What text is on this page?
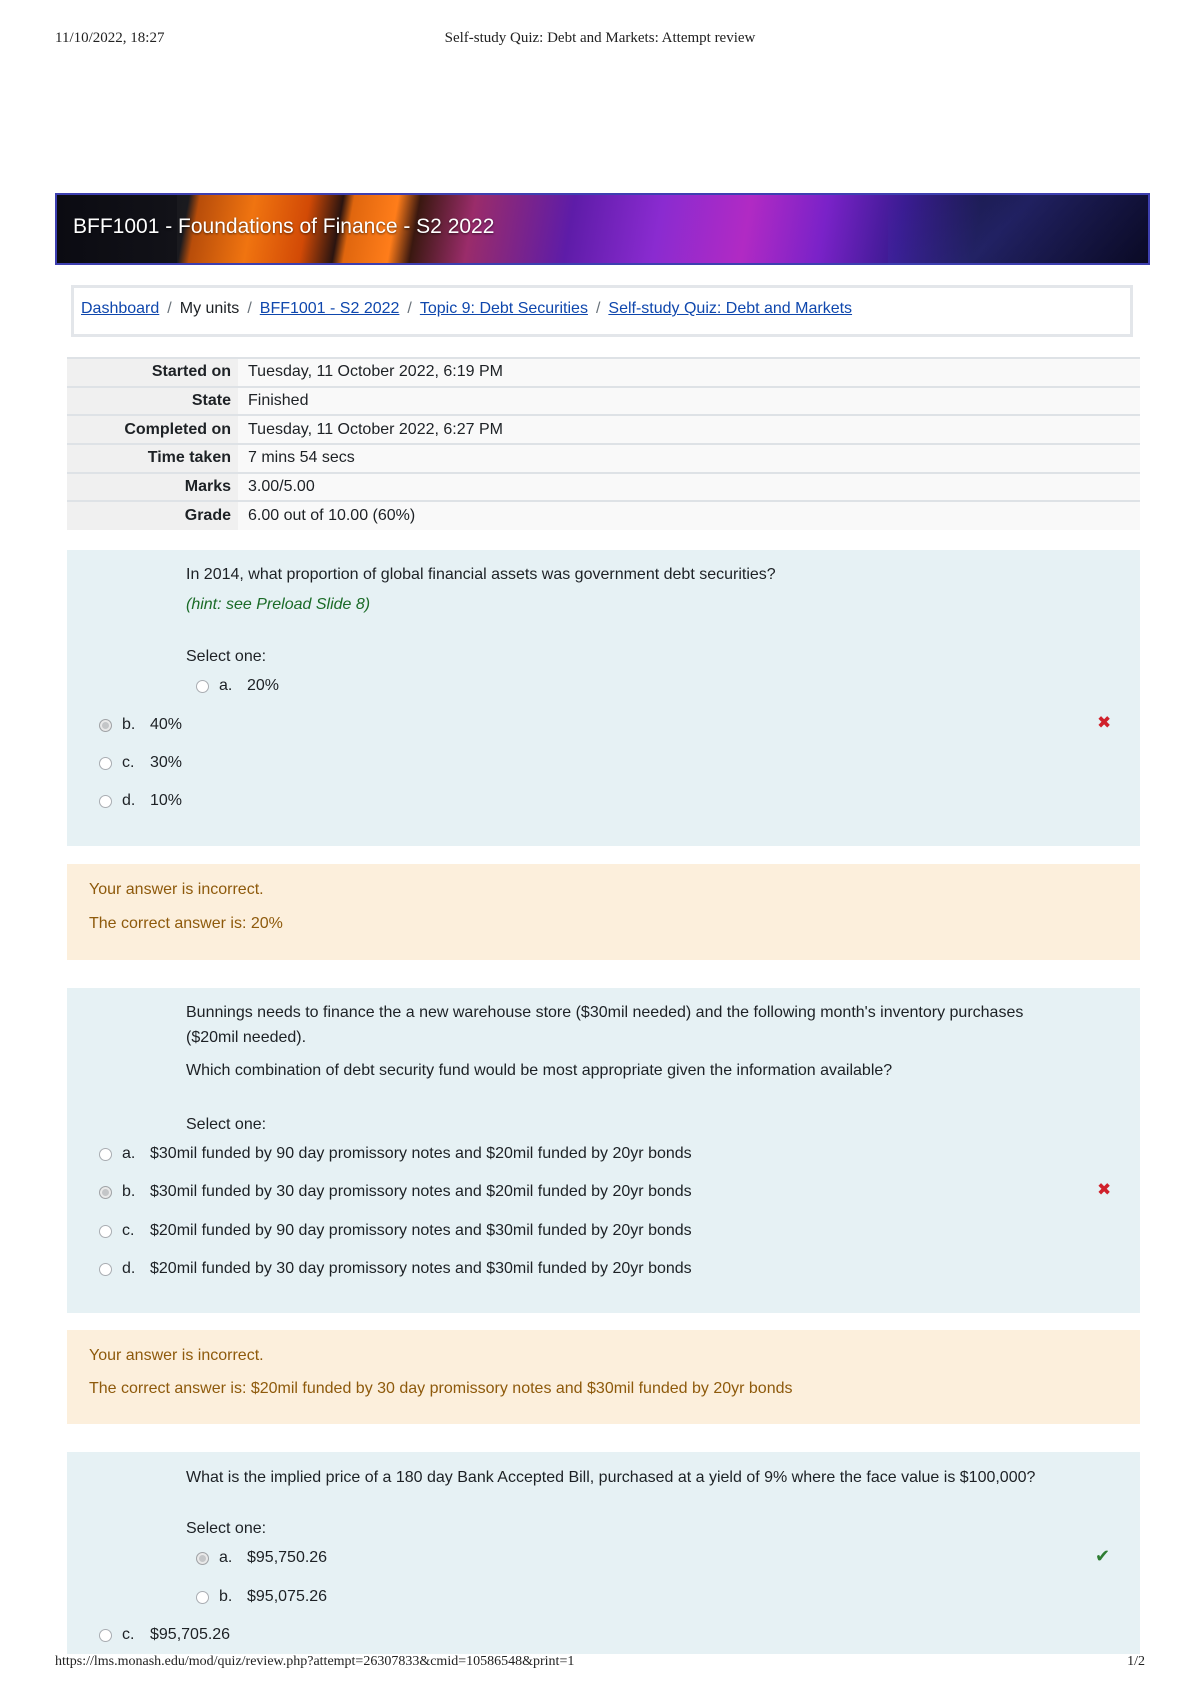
11/10/2022, 18:27	Self-study Quiz: Debt and Markets: Attempt review
BFF1001 - Foundations of Finance - S2 2022
Dashboard / My units / BFF1001 - S2 2022 / Topic 9: Debt Securities / Self-study Quiz: Debt and Markets
Started on	Tuesday, 11 October 2022, 6:19 PM
State	Finished
Completed on	Tuesday, 11 October 2022, 6:27 PM
Time taken	7 mins 54 secs
Marks	3.00/5.00
Grade	6.00 out of 10.00 (60%)
In 2014, what proportion of global financial assets was government debt securities?
(hint: see Preload Slide 8)
Select one:
a. 20%
b. 40%	✖
c. 30%
d. 10%
Your answer is incorrect.
The correct answer is: 20%
Bunnings needs to finance the a new warehouse store ($30mil needed) and the following month's inventory purchases
($20mil needed).
Which combination of debt security fund would be most appropriate given the information available?
Select one:
a. $30mil funded by 90 day promissory notes and $20mil funded by 20yr bonds
b. $30mil funded by 30 day promissory notes and $20mil funded by 20yr bonds	✖
c. $20mil funded by 90 day promissory notes and $30mil funded by 20yr bonds
d. $20mil funded by 30 day promissory notes and $30mil funded by 20yr bonds
Your answer is incorrect.
The correct answer is: $20mil funded by 30 day promissory notes and $30mil funded by 20yr bonds
What is the implied price of a 180 day Bank Accepted Bill, purchased at a yield of 9% where the face value is $100,000?
Select one:
a. $95,750.26	✔
b. $95,075.26
c. $95,705.26
https://lms.monash.edu/mod/quiz/review.php?attempt=26307833&cmid=10586548&print=1	1/2
